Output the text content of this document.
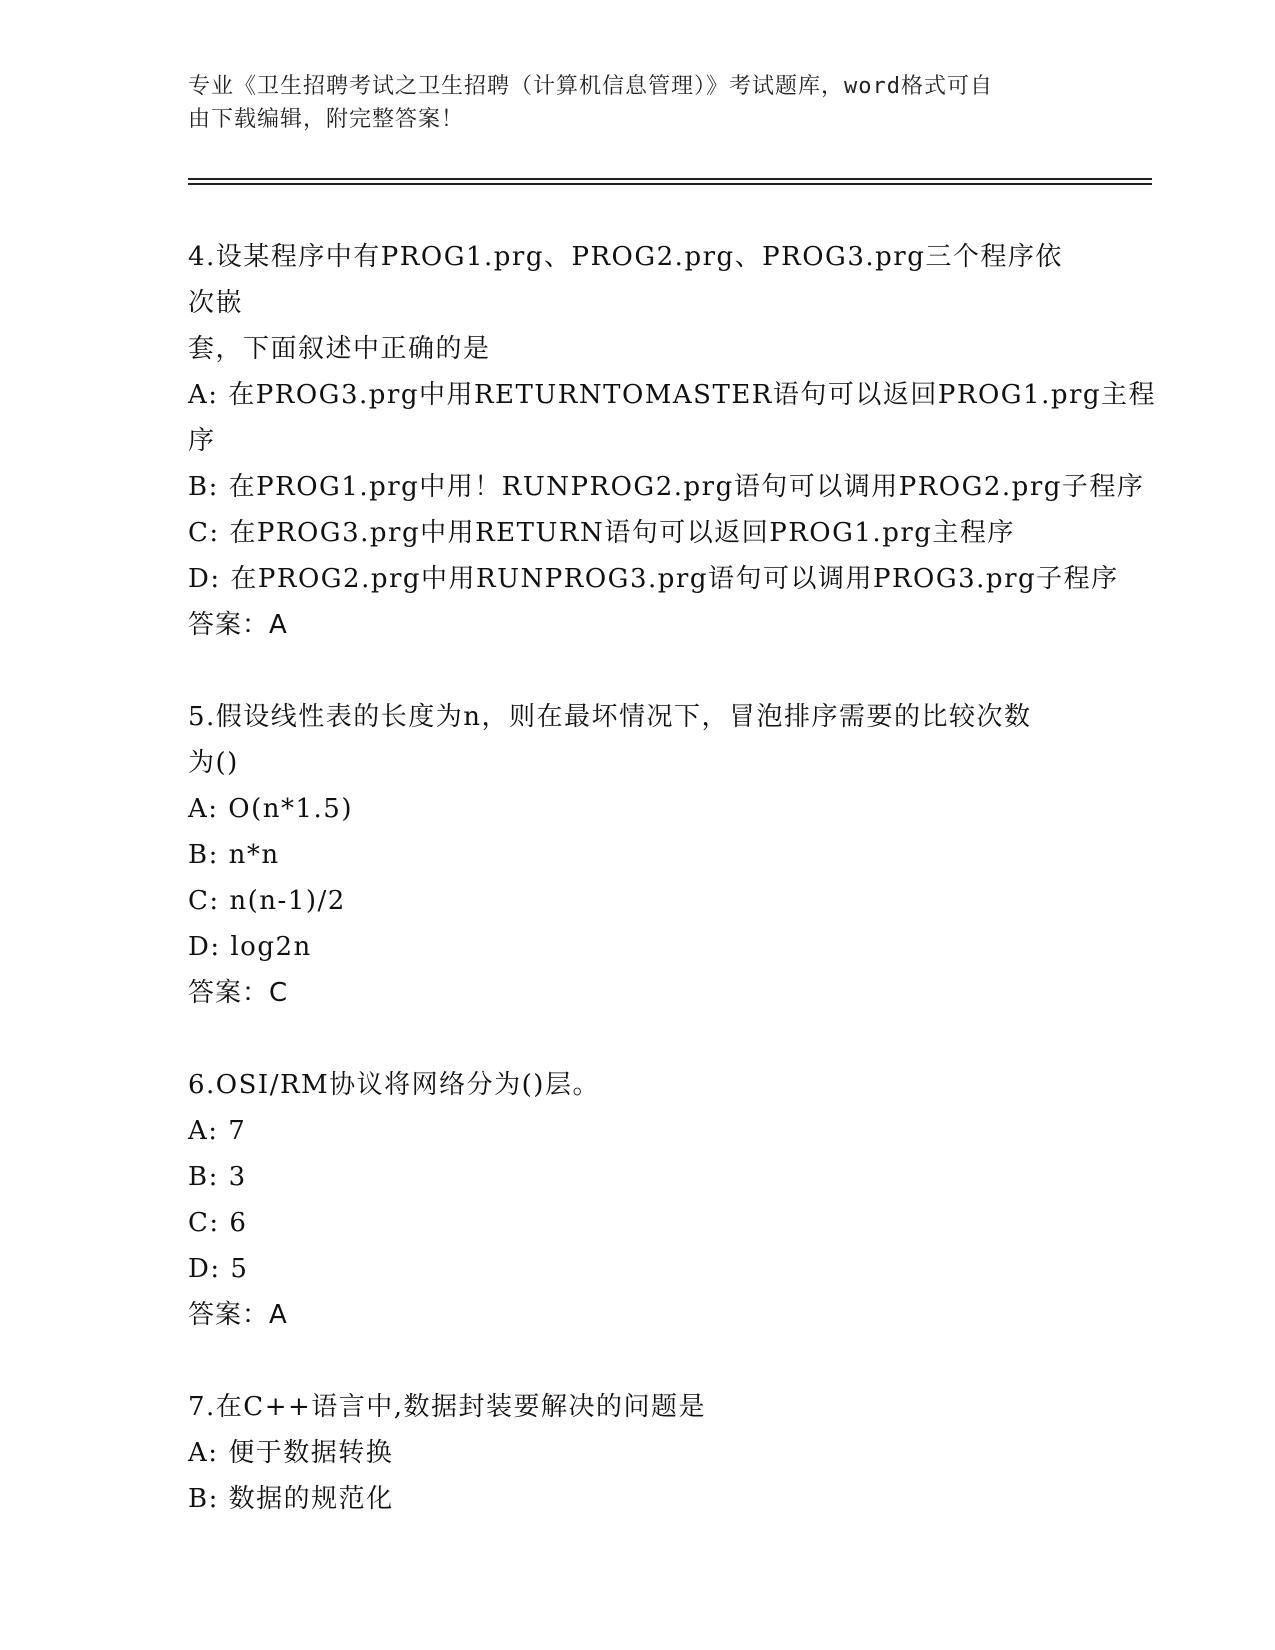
专业《卫生招聘考试之卫生招聘（计算机信息管理）》考试题库，word格式可自
由下载编辑，附完整答案！

4.设某程序中有PROG1.prg、PROG2.prg、PROG3.prg三个程序依次嵌

套，下面叙述中正确的是

A: 在PROG3.prg中用RETURNTOMASTER语句可以返回PROG1.prg主程

序

B: 在PROG1.prg中用！RUNPROG2.prg语句可以调用PROG2.prg子程序

C: 在PROG3.prg中用RETURN语句可以返回PROG1.prg主程序

D: 在PROG2.prg中用RUNPROG3.prg语句可以调用PROG3.prg子程序

答案：A

5.假设线性表的长度为n，则在最坏情况下，冒泡排序需要的比较次数

为()

A: O(n*1.5)

B: n*n

C: n(n-1)/2

D: log2n

答案：C

6.OSI/RM协议将网络分为()层。

A: 7

B: 3

C: 6

D: 5

答案：A

7.在C++语言中,数据封装要解决的问题是

A: 便于数据转换

B: 数据的规范化
